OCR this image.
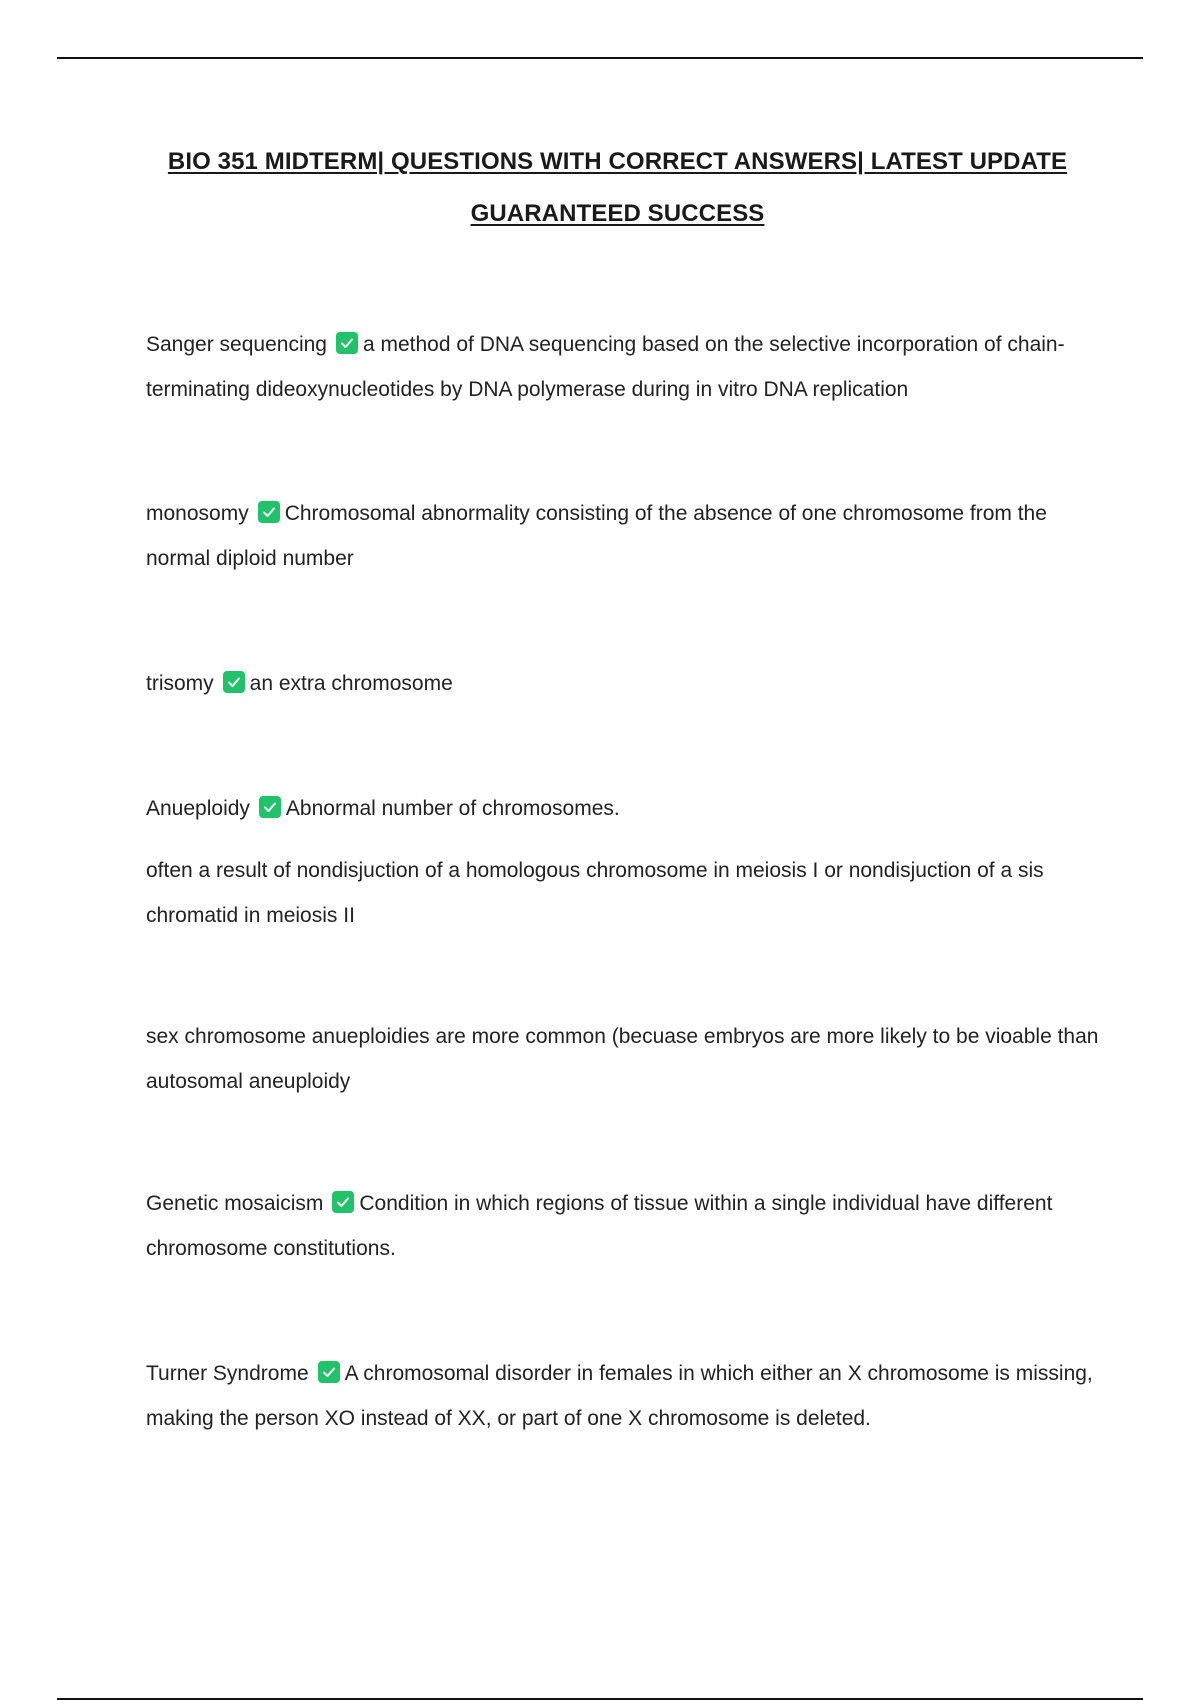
BIO 351 MIDTERM| QUESTIONS WITH CORRECT ANSWERS| LATEST UPDATE
GUARANTEED SUCCESS
Sanger sequencing a method of DNA sequencing based on the selective incorporation of chain-terminating dideoxynucleotides by DNA polymerase during in vitro DNA replication
monosomy Chromosomal abnormality consisting of the absence of one chromosome from the normal diploid number
trisomy an extra chromosome
Anueploidy Abnormal number of chromosomes.
often a result of nondisjuction of a homologous chromosome in meiosis I or nondisjuction of a sis chromatid in meiosis II
sex chromosome anueploidies are more common (becuase embryos are more likely to be vioable than autosomal aneuploidy
Genetic mosaicism Condition in which regions of tissue within a single individual have different chromosome constitutions.
Turner Syndrome A chromosomal disorder in females in which either an X chromosome is missing, making the person XO instead of XX, or part of one X chromosome is deleted.
